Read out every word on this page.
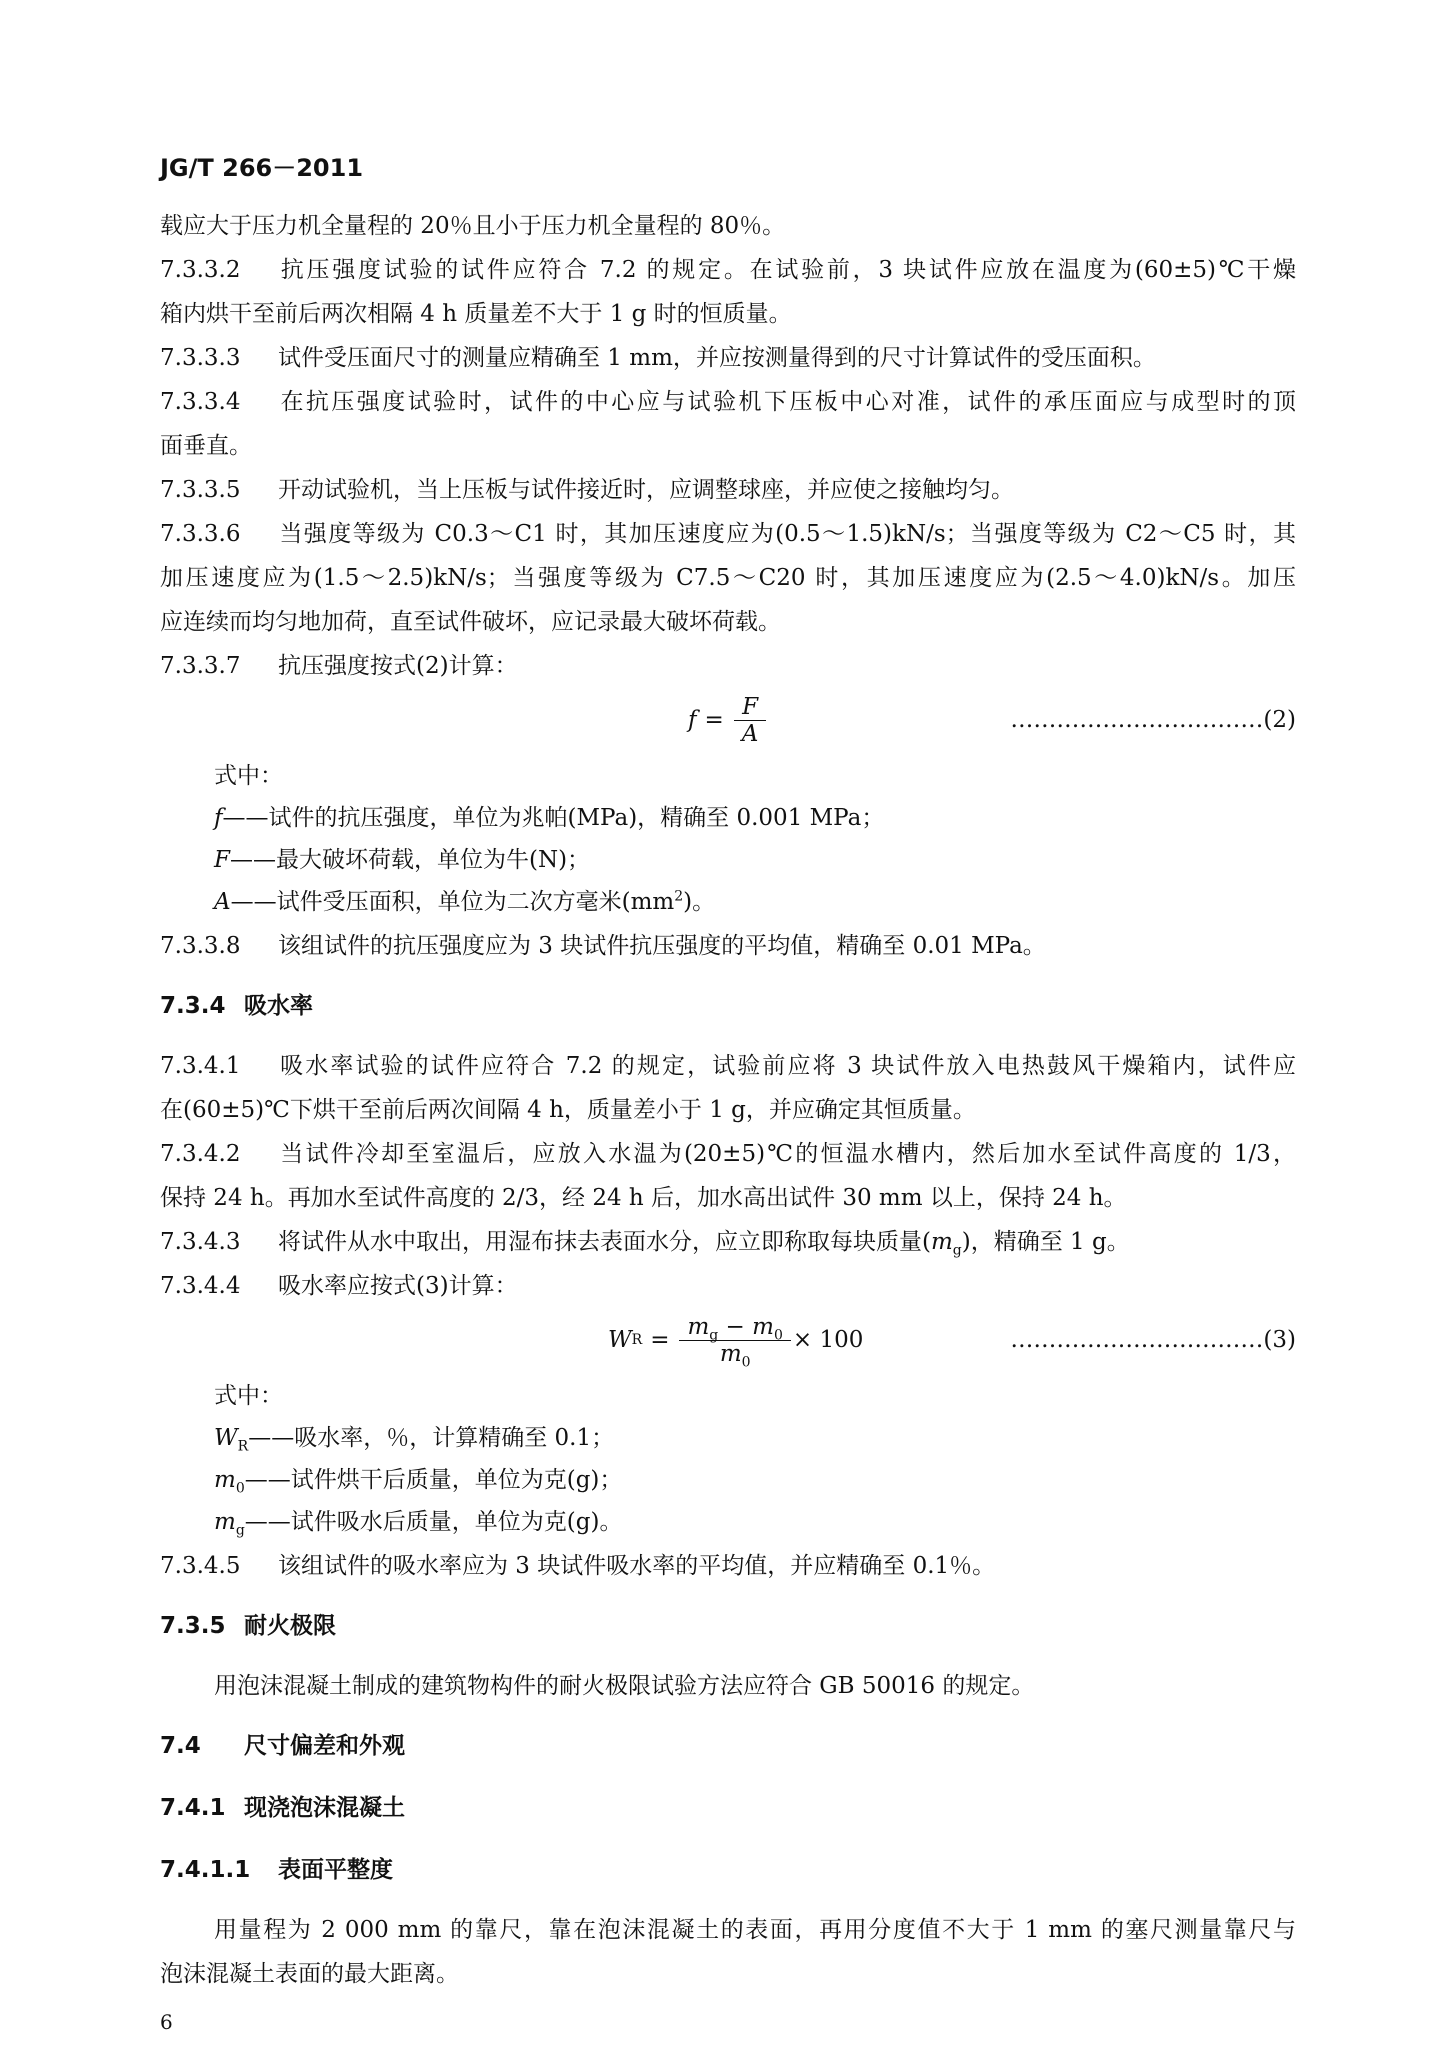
JG/T 266－2011
载应大于压力机全量程的 20％且小于压力机全量程的 80％。
7.3.3.2 抗压强度试验的试件应符合 7.2 的规定。在试验前，3 块试件应放在温度为(60±5)℃干燥
箱内烘干至前后两次相隔 4 h 质量差不大于 1 g 时的恒质量。
7.3.3.3 试件受压面尺寸的测量应精确至 1 mm，并应按测量得到的尺寸计算试件的受压面积。
7.3.3.4 在抗压强度试验时，试件的中心应与试验机下压板中心对准，试件的承压面应与成型时的顶
面垂直。
7.3.3.5 开动试验机，当上压板与试件接近时，应调整球座，并应使之接触均匀。
7.3.3.6 当强度等级为 C0.3～C1 时，其加压速度应为(0.5～1.5)kN/s；当强度等级为 C2～C5 时，其
加压速度应为(1.5～2.5)kN/s；当强度等级为 C7.5～C20 时，其加压速度应为(2.5～4.0)kN/s。加压
应连续而均匀地加荷，直至试件破坏，应记录最大破坏荷载。
7.3.3.7 抗压强度按式(2)计算：
$f = \frac{F}{A}$	……………………………(2)
式中：
f——试件的抗压强度，单位为兆帕(MPa)，精确至 0.001 MPa；
F——最大破坏荷载，单位为牛(N)；
A——试件受压面积，单位为二次方毫米$(mm^2)$。
7.3.3.8 该组试件的抗压强度应为 3 块试件抗压强度的平均值，精确至 0.01 MPa。
7.3.4 吸水率
7.3.4.1 吸水率试验的试件应符合 7.2 的规定，试验前应将 3 块试件放入电热鼓风干燥箱内，试件应
在(60±5)℃下烘干至前后两次间隔 4 h，质量差小于 1 g，并应确定其恒质量。
7.3.4.2 当试件冷却至室温后，应放入水温为(20±5)℃的恒温水槽内，然后加水至试件高度的 1/3，
保持 24 h。再加水至试件高度的 2/3，经 24 h 后，加水高出试件 30 mm 以上，保持 24 h。
7.3.4.3 将试件从水中取出，用湿布抹去表面水分，应立即称取每块质量$(m_g)$，精确至 1 g。
7.3.4.4 吸水率应按式(3)计算：
W $R = \frac{m_g - m_0}{m_0} \times 100$	……………………………(3)
式中：
$W_R——$吸水率，％，计算精确至 0.1；
$m_0——$试件烘干后质量，单位为克(g)；
$m_g——$试件吸水后质量，单位为克(g)。
7.3.4.5 该组试件的吸水率应为 3 块试件吸水率的平均值，并应精确至 0.1％。
7.3.5 耐火极限
用泡沫混凝土制成的建筑物构件的耐火极限试验方法应符合 GB 50016 的规定。
7.4 尺寸偏差和外观
7.4.1 现浇泡沫混凝土
7.4.1.1 表面平整度
用量程为 2 000 mm 的靠尺，靠在泡沫混凝土的表面，再用分度值不大于 1 mm 的塞尺测量靠尺与
泡沫混凝土表面的最大距离。
6
